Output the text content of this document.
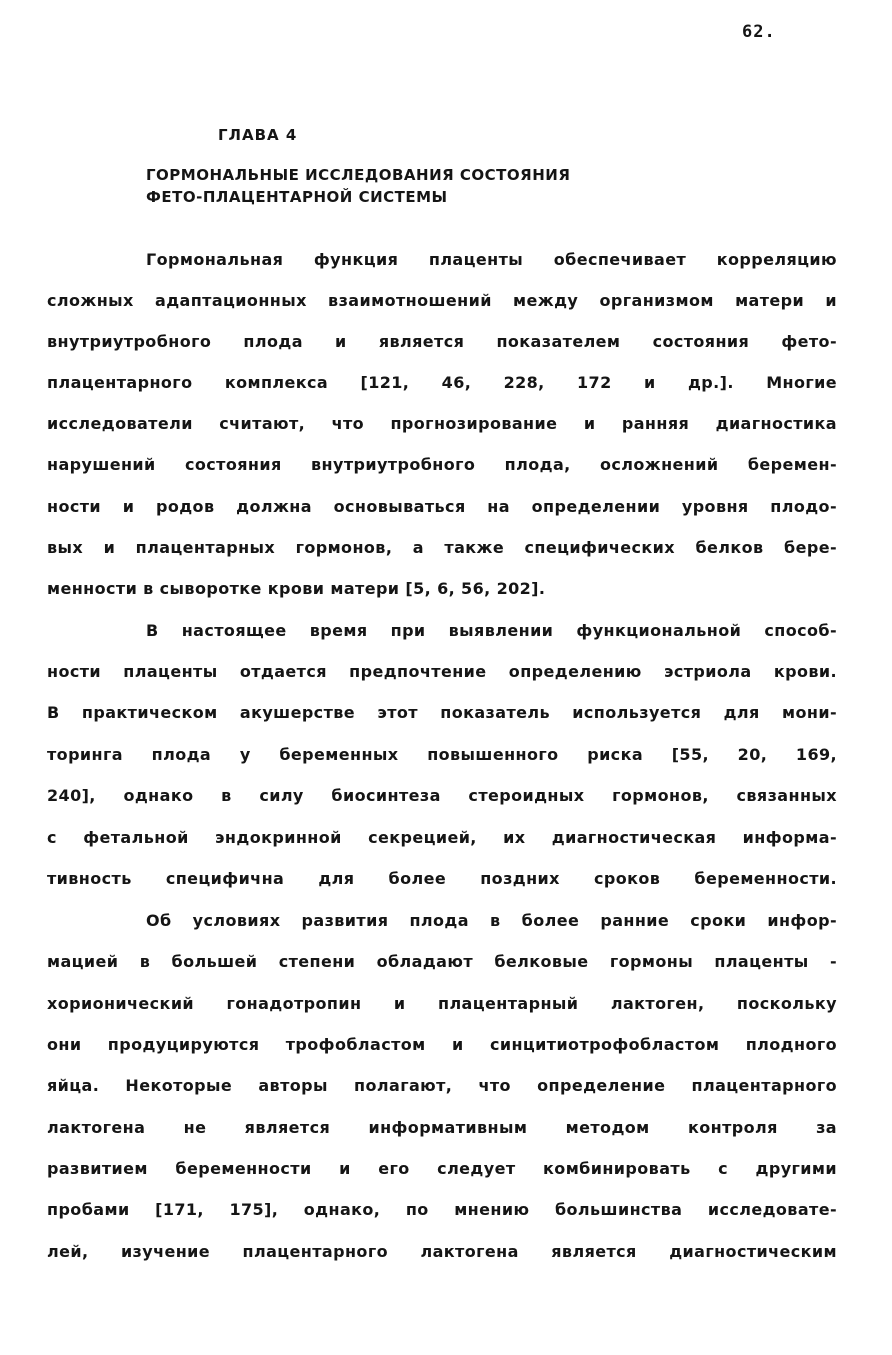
62.
ГЛАВА 4
ГОРМОНАЛЬНЫЕ ИССЛЕДОВАНИЯ СОСТОЯНИЯ
ФЕТО-ПЛАЦЕНТАРНОЙ СИСТЕМЫ
Гормональная функция плаценты обеспечивает корреляцию
сложных адаптационных взаимотношений между организмом матери и
внутриутробного плода и является показателем состояния фето-
плацентарного комплекса [121, 46, 228, 172 и др.]. Многие
исследователи считают, что прогнозирование и ранняя диагностика
нарушений состояния внутриутробного плода, осложнений беремен-
ности и родов должна основываться на определении уровня плодо-
вых и плацентарных гормонов, а также специфических белков бере-
менности в сыворотке крови матери [5, 6, 56, 202].
В настоящее время при выявлении функциональной способ-
ности плаценты отдается предпочтение определению эстриола крови.
В практическом акушерстве этот показатель используется для мони-
торинга плода у беременных повышенного риска [55, 20, 169,
240], однако в силу биосинтеза стероидных гормонов, связанных
с фетальной эндокринной секрецией, их диагностическая информа-
тивность специфична для более поздних сроков беременности.
Об условиях развития плода в более ранние сроки инфор-
мацией в большей степени обладают белковые гормоны плаценты -
хорионический гонадотропин и плацентарный лактоген, поскольку
они продуцируются трофобластом и синцитиотрофобластом плодного
яйца. Некоторые авторы полагают, что определение плацентарного
лактогена не является информативным методом контроля за
развитием беременности и его следует комбинировать с другими
пробами [171, 175], однако, по мнению большинства исследовате-
лей, изучение плацентарного лактогена является диагностическим
